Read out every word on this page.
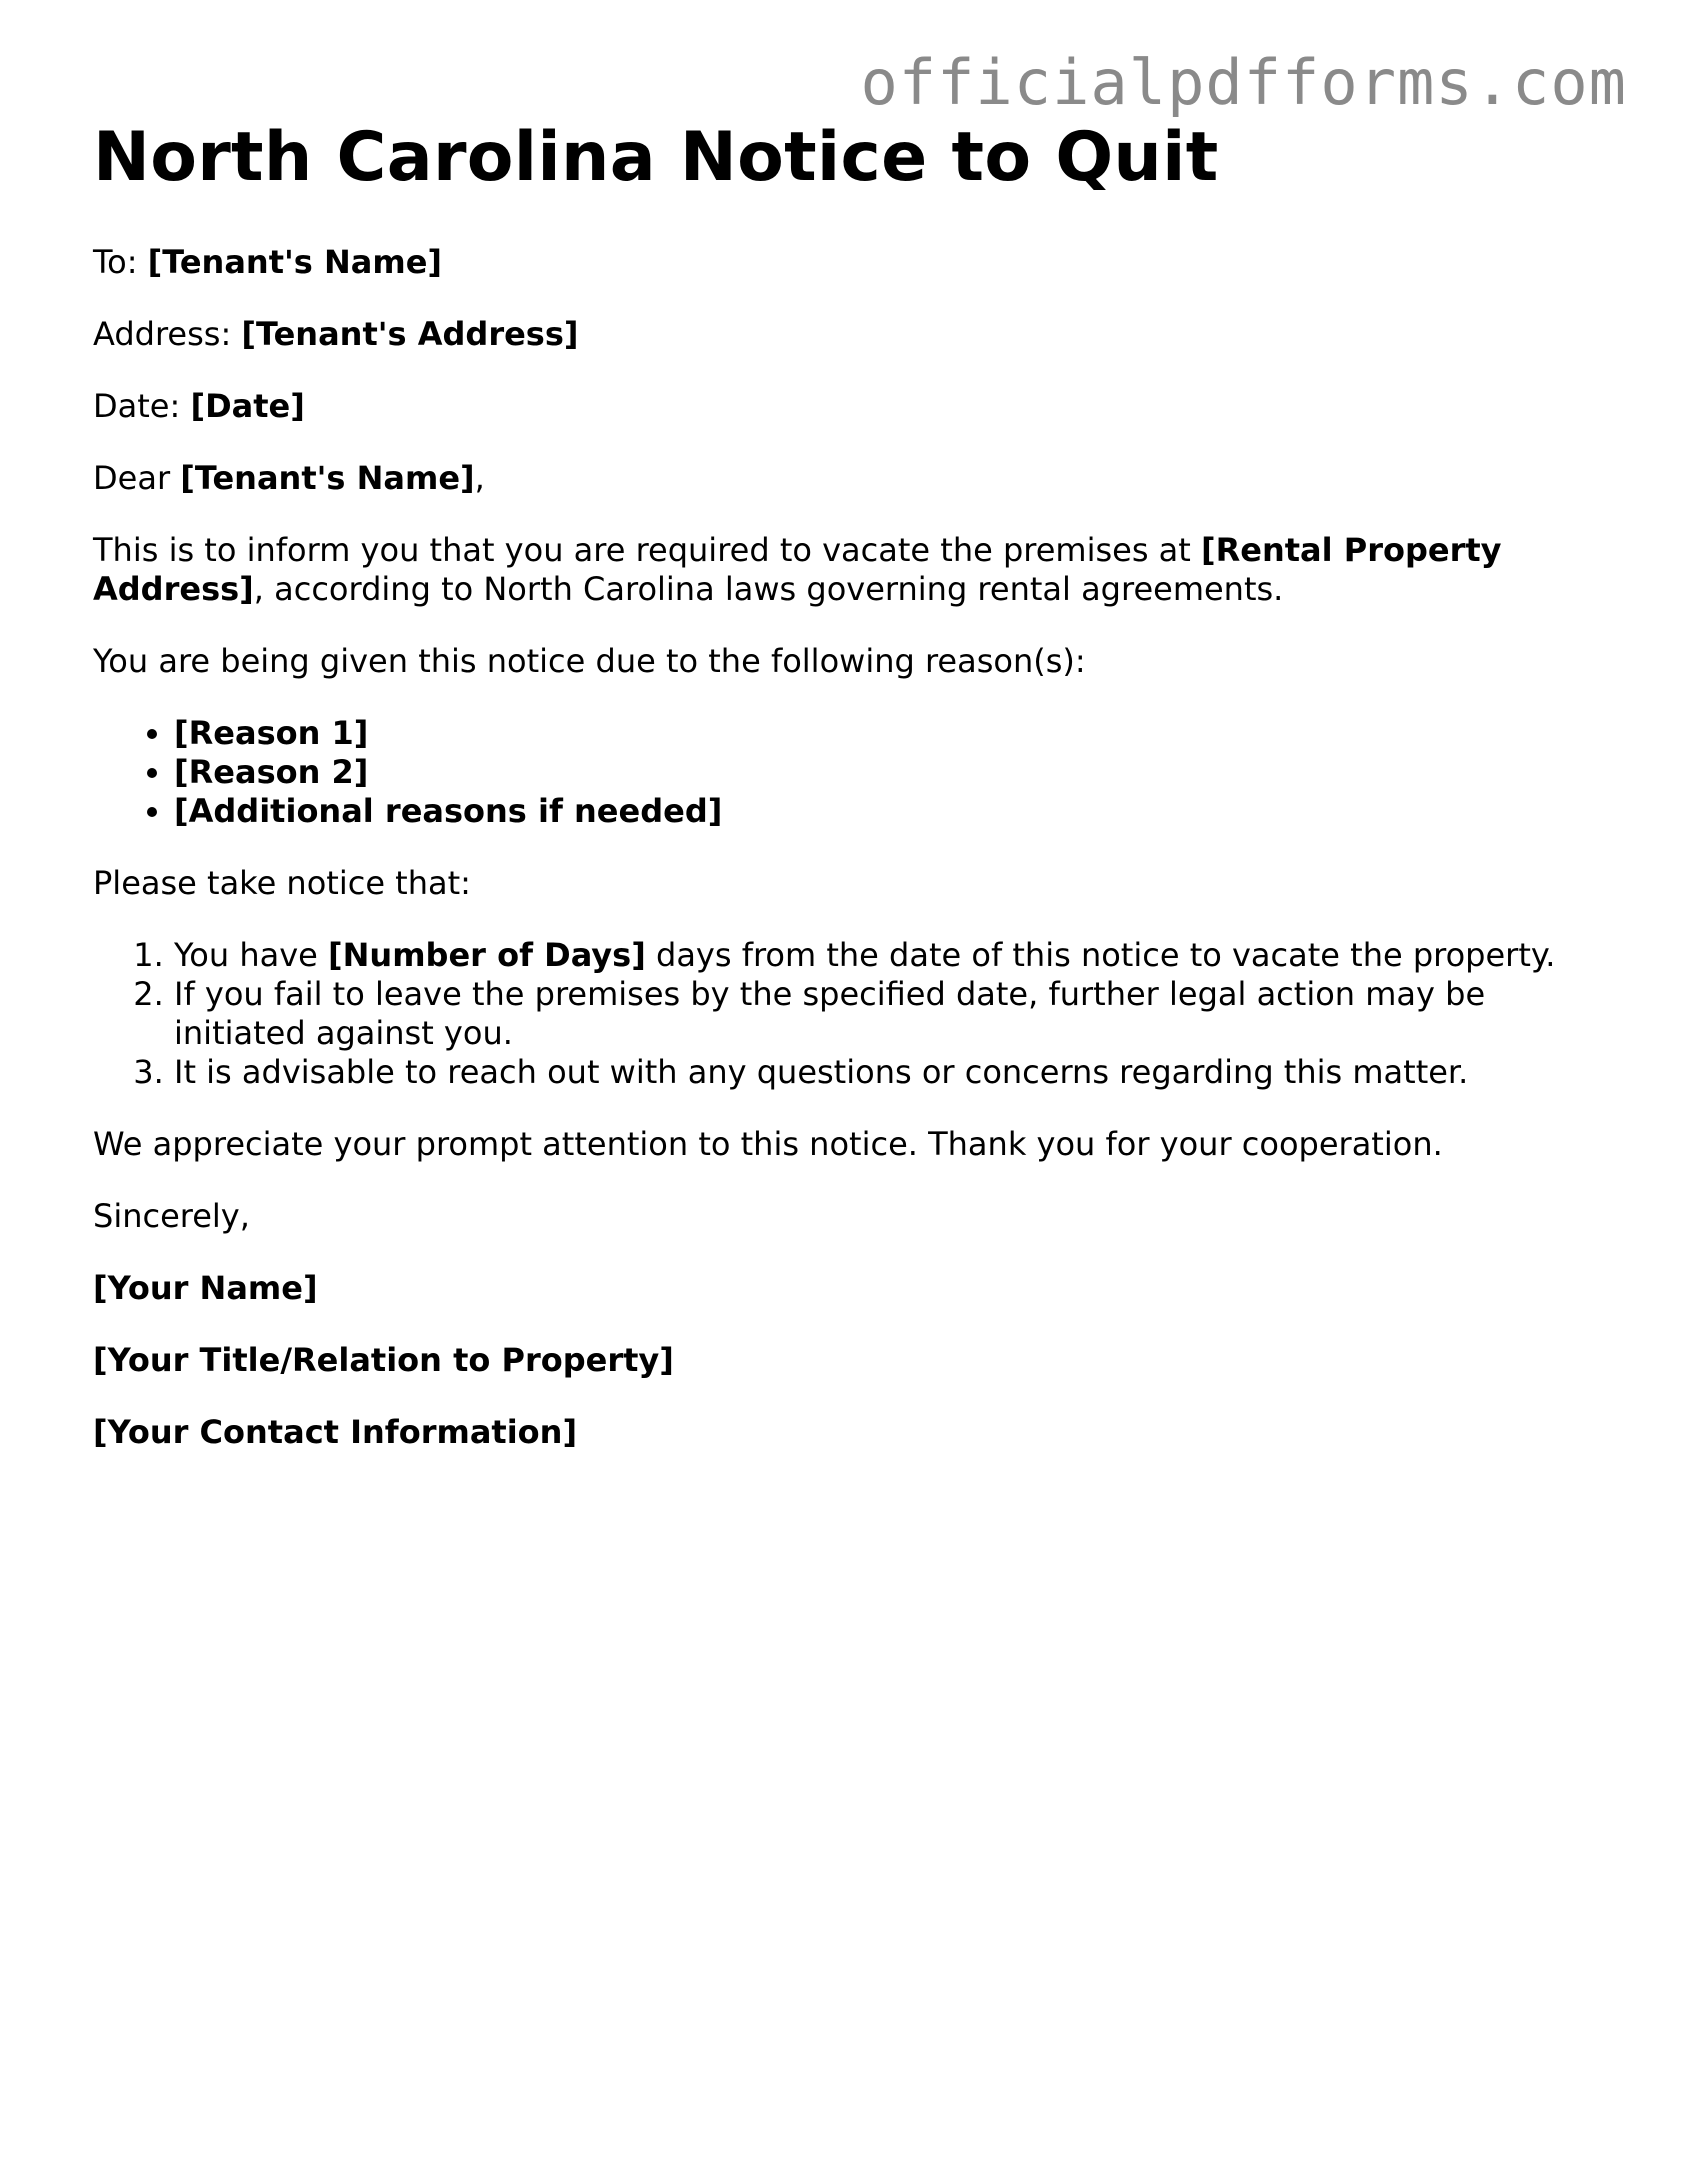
officialpdfforms.com
North Carolina Notice to Quit

To: [Tenant's Name]

Address: [Tenant's Address]

Date: [Date]

Dear [Tenant's Name],

This is to inform you that you are required to vacate the premises at [Rental Property Address], according to North Carolina laws governing rental agreements.

You are being given this notice due to the following reason(s):

• [Reason 1]
• [Reason 2]
• [Additional reasons if needed]

Please take notice that:

1. You have [Number of Days] days from the date of this notice to vacate the property.
2. If you fail to leave the premises by the specified date, further legal action may be initiated against you.
3. It is advisable to reach out with any questions or concerns regarding this matter.

We appreciate your prompt attention to this notice. Thank you for your cooperation.

Sincerely,

[Your Name]

[Your Title/Relation to Property]

[Your Contact Information]
